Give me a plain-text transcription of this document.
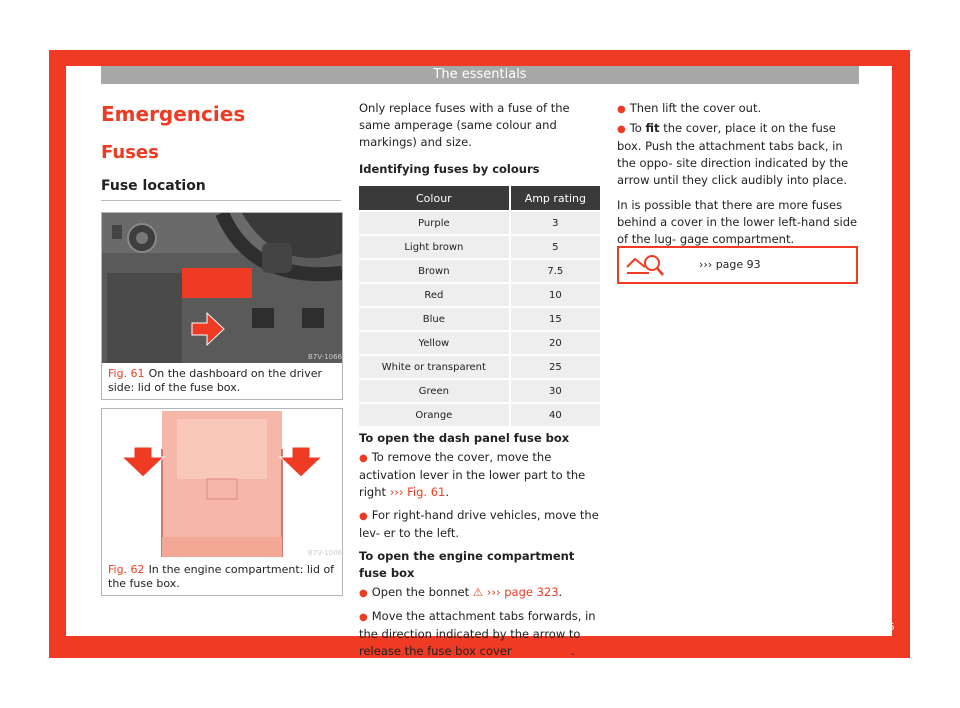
The essentials
Emergencies
Fuses
Fuse location
B7V-1066
Fig. 61 On the dashboard on the driver side: lid of the fuse box.
B7V-1006
Fig. 62 In the engine compartment: lid of the fuse box.

Only replace fuses with a fuse of the same amperage (same colour and markings) and size.

Identifying fuses by colours

Colour		Amp rating
Purple		3
Light brown		5
Brown		7.5
Red		10
Blue		15
Yellow		20
White or transparent		25
Green		30
Orange		40
To open the dash panel fuse box
● To remove the cover, move the activation lever in the lower part to the right ››› Fig. 61.
● For right-hand drive vehicles, move the lev- er to the left.
To open the engine compartment fuse box
● Open the bonnet ⚠ ››› page 323.
● Move the attachment tabs forwards, in the direction indicated by the arrow to release the fuse box cover ››› Fig. 62.
● Then lift the cover out.
● To fit the cover, place it on the fuse box. Push the attachment tabs back, in the oppo- site direction indicated by the arrow until they click audibly into place.
In is possible that there are more fuses behind a cover in the lower left-hand side of the lug- gage compartment.
››› page 93
45
